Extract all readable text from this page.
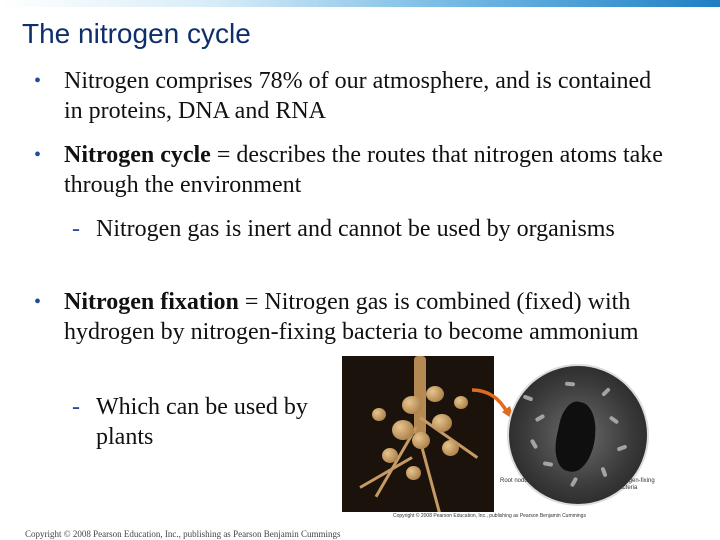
The nitrogen cycle
• Nitrogen comprises 78% of our atmosphere, and is contained in proteins, DNA and RNA
• Nitrogen cycle = describes the routes that nitrogen atoms take through the environment
- Nitrogen gas is inert and cannot be used by organisms
• Nitrogen fixation = Nitrogen gas is combined (fixed) with hydrogen by nitrogen-fixing bacteria to become ammonium
- Which can be used by plants
Root nodule	Nitrogen-fixing bacteria
Copyright © 2008 Pearson Education, Inc., publishing as Pearson Benjamin Cummings
Copyright © 2008 Pearson Education, Inc., publishing as Pearson Benjamin Cummings
